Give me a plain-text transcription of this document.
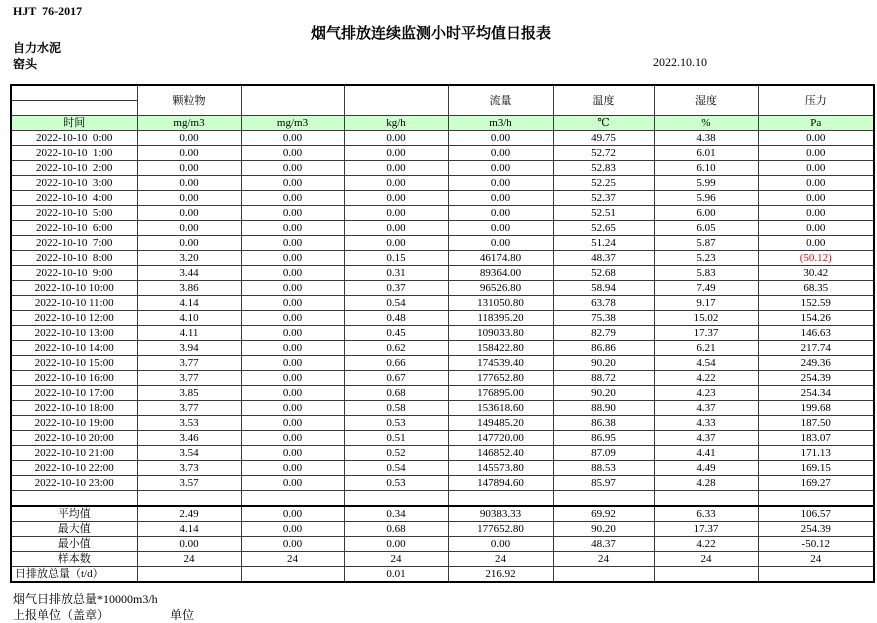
HJT  76-2017
烟气排放连续监测小时平均值日报表
自力水泥
窑头	2022.10.10
	颗粒物			流量	温度	湿度	压力

时间	mg/m3	mg/m3	kg/h	m3/h	℃	%	Pa
2022-10-10  0:00	0.00	0.00	0.00	0.00	49.75	4.38	0.00
2022-10-10  1:00	0.00	0.00	0.00	0.00	52.72	6.01	0.00
2022-10-10  2:00	0.00	0.00	0.00	0.00	52.83	6.10	0.00
2022-10-10  3:00	0.00	0.00	0.00	0.00	52.25	5.99	0.00
2022-10-10  4:00	0.00	0.00	0.00	0.00	52.37	5.96	0.00
2022-10-10  5:00	0.00	0.00	0.00	0.00	52.51	6.00	0.00
2022-10-10  6:00	0.00	0.00	0.00	0.00	52.65	6.05	0.00
2022-10-10  7:00	0.00	0.00	0.00	0.00	51.24	5.87	0.00
2022-10-10  8:00	3.20	0.00	0.15	46174.80	48.37	5.23	(50.12)
2022-10-10  9:00	3.44	0.00	0.31	89364.00	52.68	5.83	30.42
2022-10-10 10:00	3.86	0.00	0.37	96526.80	58.94	7.49	68.35
2022-10-10 11:00	4.14	0.00	0.54	131050.80	63.78	9.17	152.59
2022-10-10 12:00	4.10	0.00	0.48	118395.20	75.38	15.02	154.26
2022-10-10 13:00	4.11	0.00	0.45	109033.80	82.79	17.37	146.63
2022-10-10 14:00	3.94	0.00	0.62	158422.80	86.86	6.21	217.74
2022-10-10 15:00	3.77	0.00	0.66	174539.40	90.20	4.54	249.36
2022-10-10 16:00	3.77	0.00	0.67	177652.80	88.72	4.22	254.39
2022-10-10 17:00	3.85	0.00	0.68	176895.00	90.20	4.23	254.34
2022-10-10 18:00	3.77	0.00	0.58	153618.60	88.90	4.37	199.68
2022-10-10 19:00	3.53	0.00	0.53	149485.20	86.38	4.33	187.50
2022-10-10 20:00	3.46	0.00	0.51	147720.00	86.95	4.37	183.07
2022-10-10 21:00	3.54	0.00	0.52	146852.40	87.09	4.41	171.13
2022-10-10 22:00	3.73	0.00	0.54	145573.80	88.53	4.49	169.15
2022-10-10 23:00	3.57	0.00	0.53	147894.60	85.97	4.28	169.27

平均值	2.49	0.00	0.34	90383.33	69.92	6.33	106.57
最大值	4.14	0.00	0.68	177652.80	90.20	17.37	254.39
最小值	0.00	0.00	0.00	0.00	48.37	4.22	-50.12
样本数	24	24	24	24	24	24	24
日排放总量（t/d）			0.01	216.92			
烟气日排放总量*10000m3/h
上报单位（盖章）	单位
